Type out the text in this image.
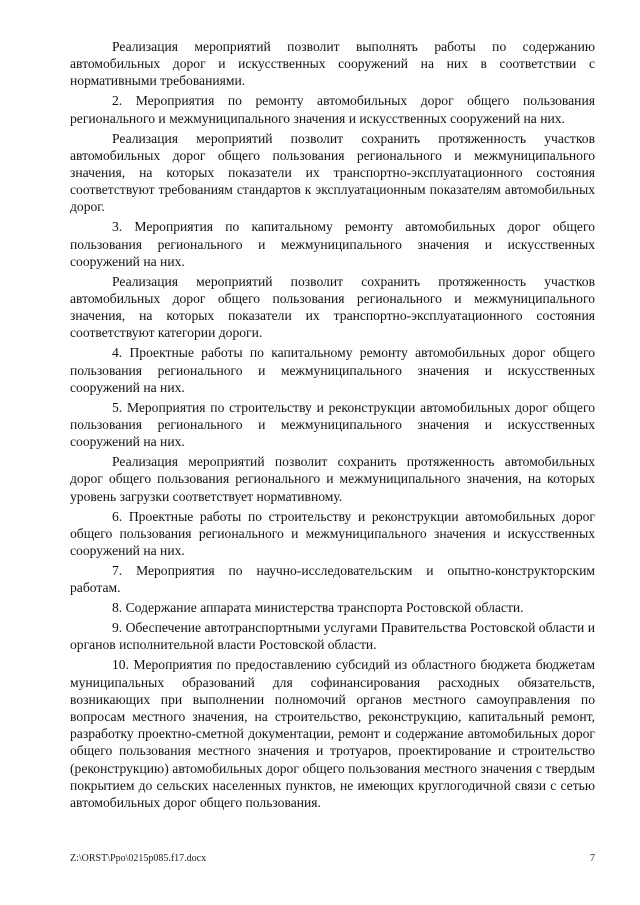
Реализация мероприятий позволит выполнять работы по содержанию автомобильных дорог и искусственных сооружений на них в соответствии с нормативными требованиями.

2. Мероприятия по ремонту автомобильных дорог общего пользования регионального и межмуниципального значения и искусственных сооружений на них.

Реализация мероприятий позволит сохранить протяженность участков автомобильных дорог общего пользования регионального и межмуниципального значения, на которых показатели их транспортно-эксплуатационного состояния соответствуют требованиям стандартов к эксплуатационным показателям автомобильных дорог.

3. Мероприятия по капитальному ремонту автомобильных дорог общего пользования регионального и межмуниципального значения и искусственных сооружений на них.

Реализация мероприятий позволит сохранить протяженность участков автомобильных дорог общего пользования регионального и межмуниципального значения, на которых показатели их транспортно-эксплуатационного состояния соответствуют категории дороги.

4. Проектные работы по капитальному ремонту автомобильных дорог общего пользования регионального и межмуниципального значения и искусственных сооружений на них.

5. Мероприятия по строительству и реконструкции автомобильных дорог общего пользования регионального и межмуниципального значения и искусственных сооружений на них.

Реализация мероприятий позволит сохранить протяженность автомобильных дорог общего пользования регионального и межмуниципального значения, на которых уровень загрузки соответствует нормативному.

6. Проектные работы по строительству и реконструкции автомобильных дорог общего пользования регионального и межмуниципального значения и искусственных сооружений на них.

7. Мероприятия по научно-исследовательским и опытно-конструкторским работам.

8. Содержание аппарата министерства транспорта Ростовской области.

9. Обеспечение автотранспортными услугами Правительства Ростовской области и органов исполнительной власти Ростовской области.

10. Мероприятия по предоставлению субсидий из областного бюджета бюджетам муниципальных образований для софинансирования расходных обязательств, возникающих при выполнении полномочий органов местного самоуправления по вопросам местного значения, на строительство, реконструкцию, капитальный ремонт, разработку проектно-сметной документации, ремонт и содержание автомобильных дорог общего пользования местного значения и тротуаров, проектирование и строительство (реконструкцию) автомобильных дорог общего пользования местного значения с твердым покрытием до сельских населенных пунктов, не имеющих круглогодичной связи с сетью автомобильных дорог общего пользования.

Z:\ORST\Ppo\0215p085.f17.docx	7
